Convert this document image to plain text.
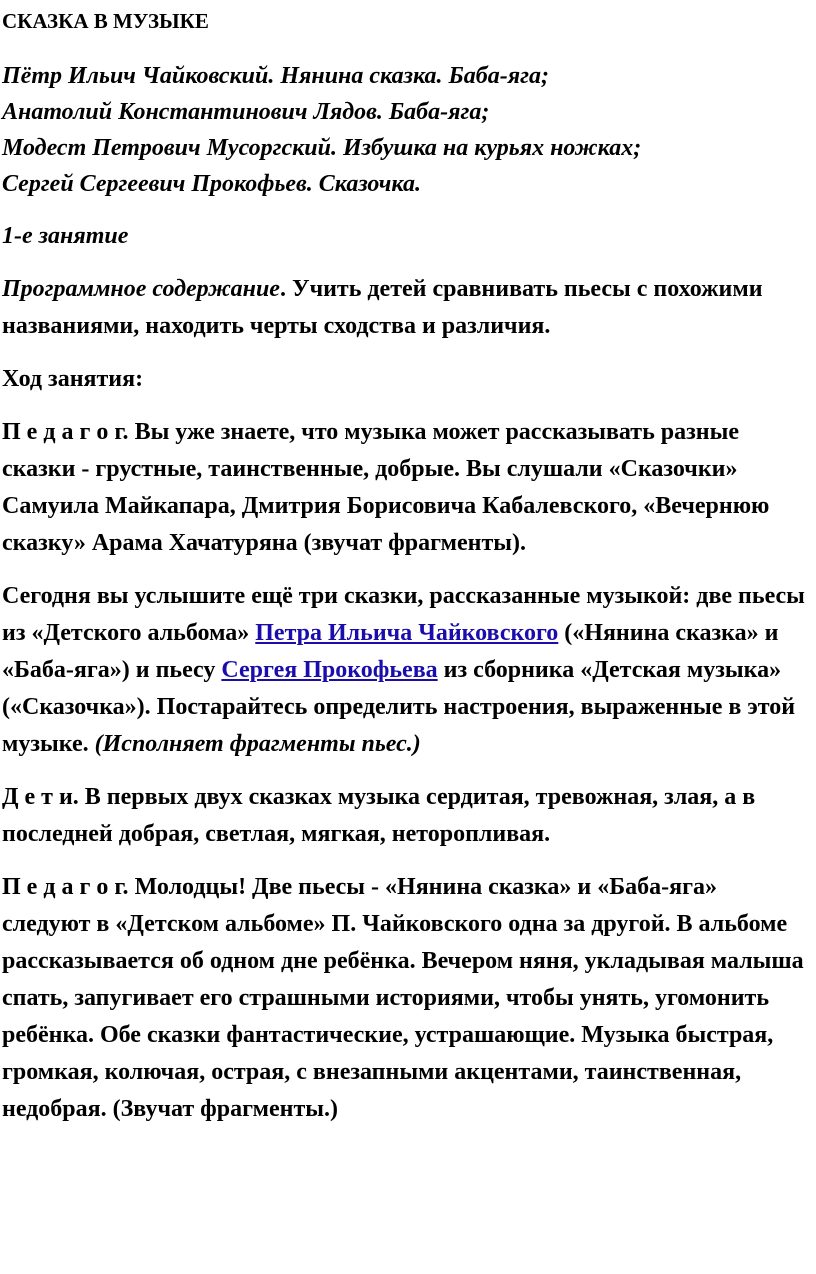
СКАЗКА В МУЗЫКЕ
Пётр Ильич Чайковский. Нянина сказка. Баба-яга;
Анатолий Константинович Лядов. Баба-яга;
Модест Петрович Мусоргский. Избушка на курьях ножках;
Сергей Сергеевич Прокофьев. Сказочка.

1-е занятие

Программное содержание. Учить детей сравнивать пьесы с похожими названиями, находить черты сходства и различия.

Ход занятия:

П е д а г о г. Вы уже знаете, что музыка может рассказывать разные сказки - грустные, таинственные, добрые. Вы слушали «Сказочки» Самуила Майкапара, Дмитрия Борисовича Кабалевского, «Вечернюю сказку» Арама Хачатуряна (звучат фрагменты).

Сегодня вы услышите ещё три сказки, рассказанные музыкой: две пьесы из «Детского альбома» Петра Ильича Чайковского («Нянина сказка» и «Баба-яга») и пьесу Сергея Прокофьева из сборника «Детская музыка» («Сказочка»). Постарайтесь определить настроения, выраженные в этой музыке. (Исполняет фрагменты пьес.)

Д е т и. В первых двух сказках музыка сердитая, тревожная, злая, а в последней добрая, светлая, мягкая, неторопливая.

П е д а г о г. Молодцы! Две пьесы - «Нянина сказка» и «Баба-яга» следуют в «Детском альбоме» П. Чайковского одна за другой. В альбоме рассказывается об одном дне ребёнка. Вечером няня, укладывая малыша спать, запугивает его страшными историями, чтобы унять, угомонить ребёнка. Обе сказки фантастические, устрашающие. Музыка быстрая, громкая, колючая, острая, с внезапными акцентами, таинственная, недобрая. (Звучат фрагменты.)
